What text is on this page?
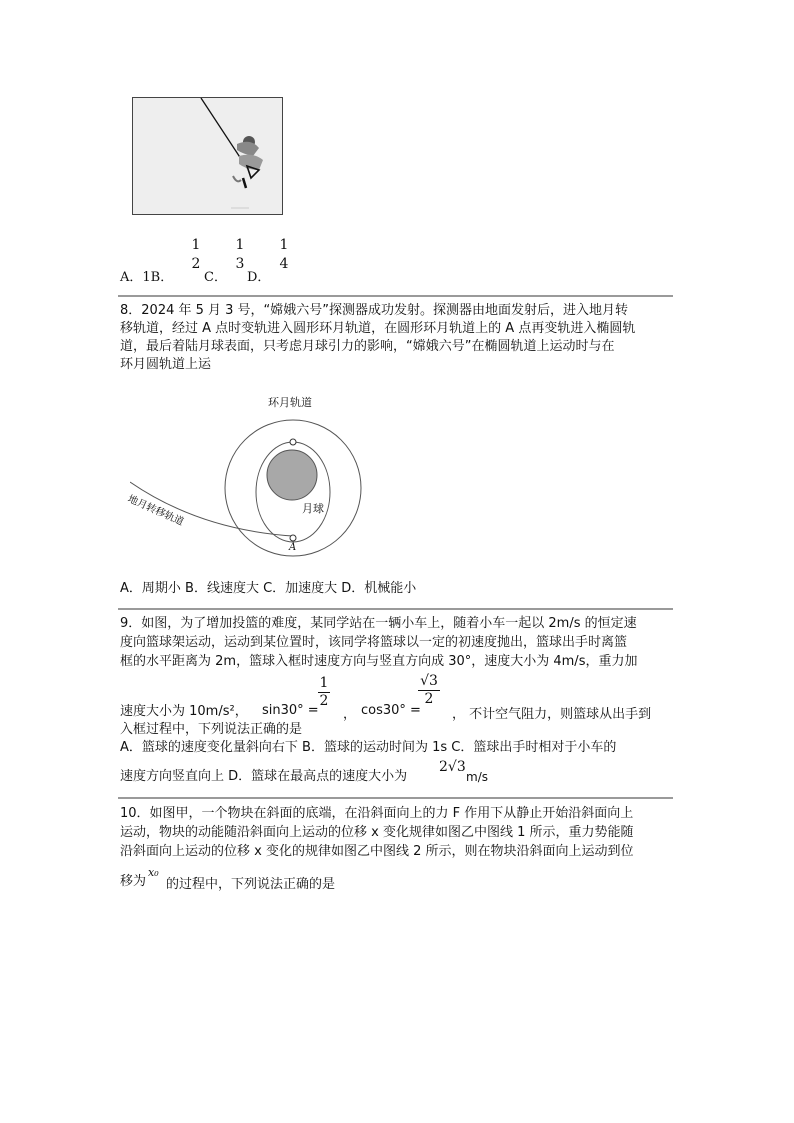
A．1B．
1
2
C．
1
3
D．
1
4
8．2024 年 5 月 3 号，“嫦娥六号”探测器成功发射。探测器由地面发射后，进入地月转
移轨道，经过 A 点时变轨进入圆形环月轨道，在圆形环月轨道上的 A 点再变轨进入椭圆轨
道，最后着陆月球表面，只考虑月球引力的影响，“嫦娥六号”在椭圆轨道上运动时与在
环月圆轨道上运
环月轨道
地月转移轨道	月球
A
A．周期小 B．线速度大 C．加速度大 D．机械能小
9．如图，为了增加投篮的难度，某同学站在一辆小车上，随着小车一起以 2m/s 的恒定速
度向篮球架运动，运动到某位置时，该同学将篮球以一定的初速度抛出，篮球出手时离篮
框的水平距离为 2m，篮球入框时速度方向与竖直方向成 30°，速度大小为 4m/s，重力加
速度大小为 10m/s²， sin30° =
1
2
， cos30° =
√3
2
， 不计空气阻力，则篮球从出手到
入框过程中，下列说法正确的是
A．篮球的速度变化量斜向右下 B．篮球的运动时间为 1s C．篮球出手时相对于小车的
速度方向竖直向上 D．篮球在最高点的速度大小为
2√3
m/s
10．如图甲，一个物块在斜面的底端，在沿斜面向上的力 F 作用下从静止开始沿斜面向上
运动，物块的动能随沿斜面向上运动的位移 x 变化规律如图乙中图线 1 所示，重力势能随
沿斜面向上运动的位移 x 变化的规律如图乙中图线 2 所示，则在物块沿斜面向上运动到位
移为
x₀
的过程中，下列说法正确的是
